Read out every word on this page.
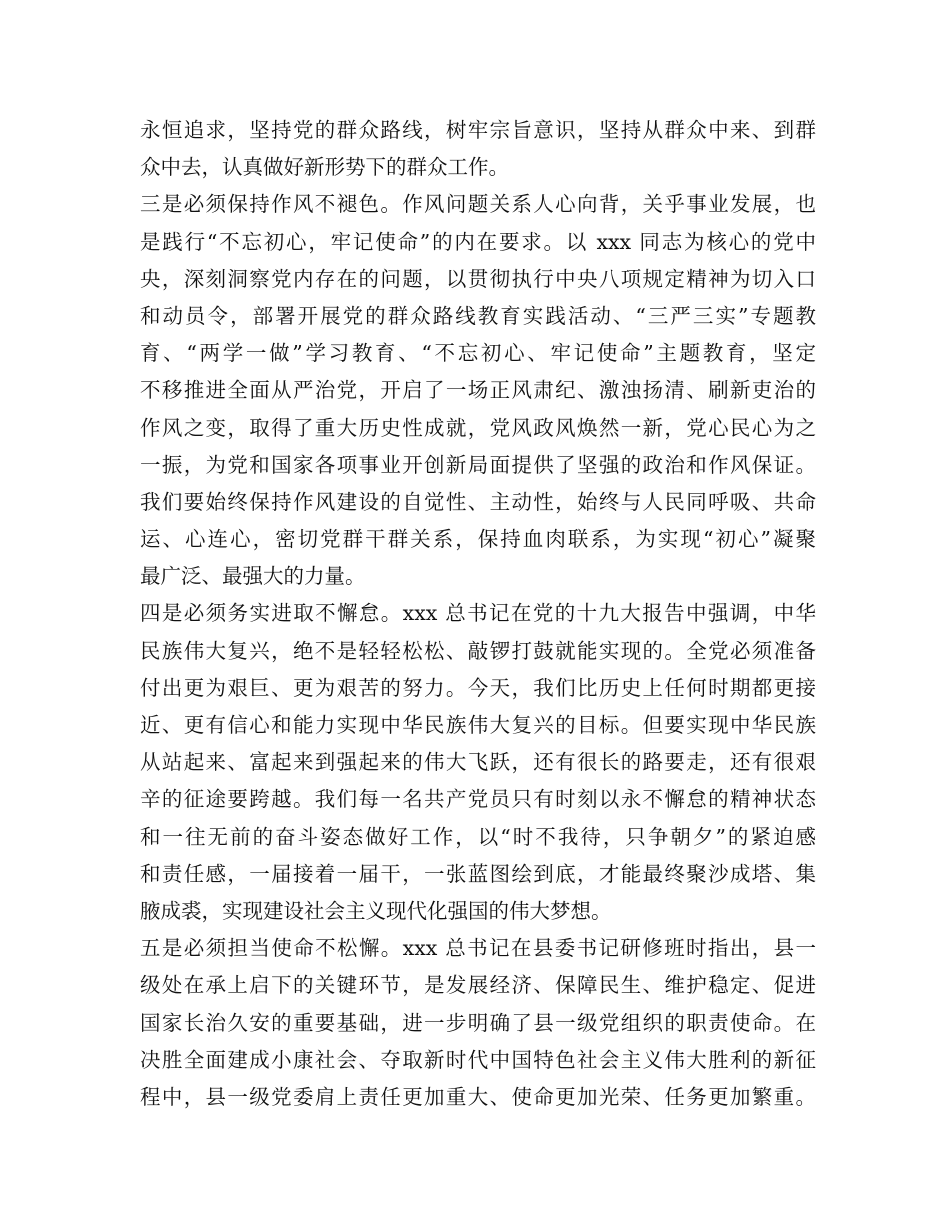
永恒追求，坚持党的群众路线，树牢宗旨意识，坚持从群众中来、到群
众中去，认真做好新形势下的群众工作。
三是必须保持作风不褪色。作风问题关系人心向背，关乎事业发展，也
是践行“不忘初心，牢记使命”的内在要求。以 xxx 同志为核心的党中
央，深刻洞察党内存在的问题，以贯彻执行中央八项规定精神为切入口
和动员令，部署开展党的群众路线教育实践活动、“三严三实”专题教
育、“两学一做”学习教育、“不忘初心、牢记使命”主题教育，坚定
不移推进全面从严治党，开启了一场正风肃纪、激浊扬清、刷新吏治的
作风之变，取得了重大历史性成就，党风政风焕然一新，党心民心为之
一振，为党和国家各项事业开创新局面提供了坚强的政治和作风保证。
我们要始终保持作风建设的自觉性、主动性，始终与人民同呼吸、共命
运、心连心，密切党群干群关系，保持血肉联系，为实现“初心”凝聚
最广泛、最强大的力量。
四是必须务实进取不懈怠。xxx 总书记在党的十九大报告中强调，中华
民族伟大复兴，绝不是轻轻松松、敲锣打鼓就能实现的。全党必须准备
付出更为艰巨、更为艰苦的努力。今天，我们比历史上任何时期都更接
近、更有信心和能力实现中华民族伟大复兴的目标。但要实现中华民族
从站起来、富起来到强起来的伟大飞跃，还有很长的路要走，还有很艰
辛的征途要跨越。我们每一名共产党员只有时刻以永不懈怠的精神状态
和一往无前的奋斗姿态做好工作，以“时不我待，只争朝夕”的紧迫感
和责任感，一届接着一届干，一张蓝图绘到底，才能最终聚沙成塔、集
腋成裘，实现建设社会主义现代化强国的伟大梦想。
五是必须担当使命不松懈。xxx 总书记在县委书记研修班时指出，县一
级处在承上启下的关键环节，是发展经济、保障民生、维护稳定、促进
国家长治久安的重要基础，进一步明确了县一级党组织的职责使命。在
决胜全面建成小康社会、夺取新时代中国特色社会主义伟大胜利的新征
程中，县一级党委肩上责任更加重大、使命更加光荣、任务更加繁重。
